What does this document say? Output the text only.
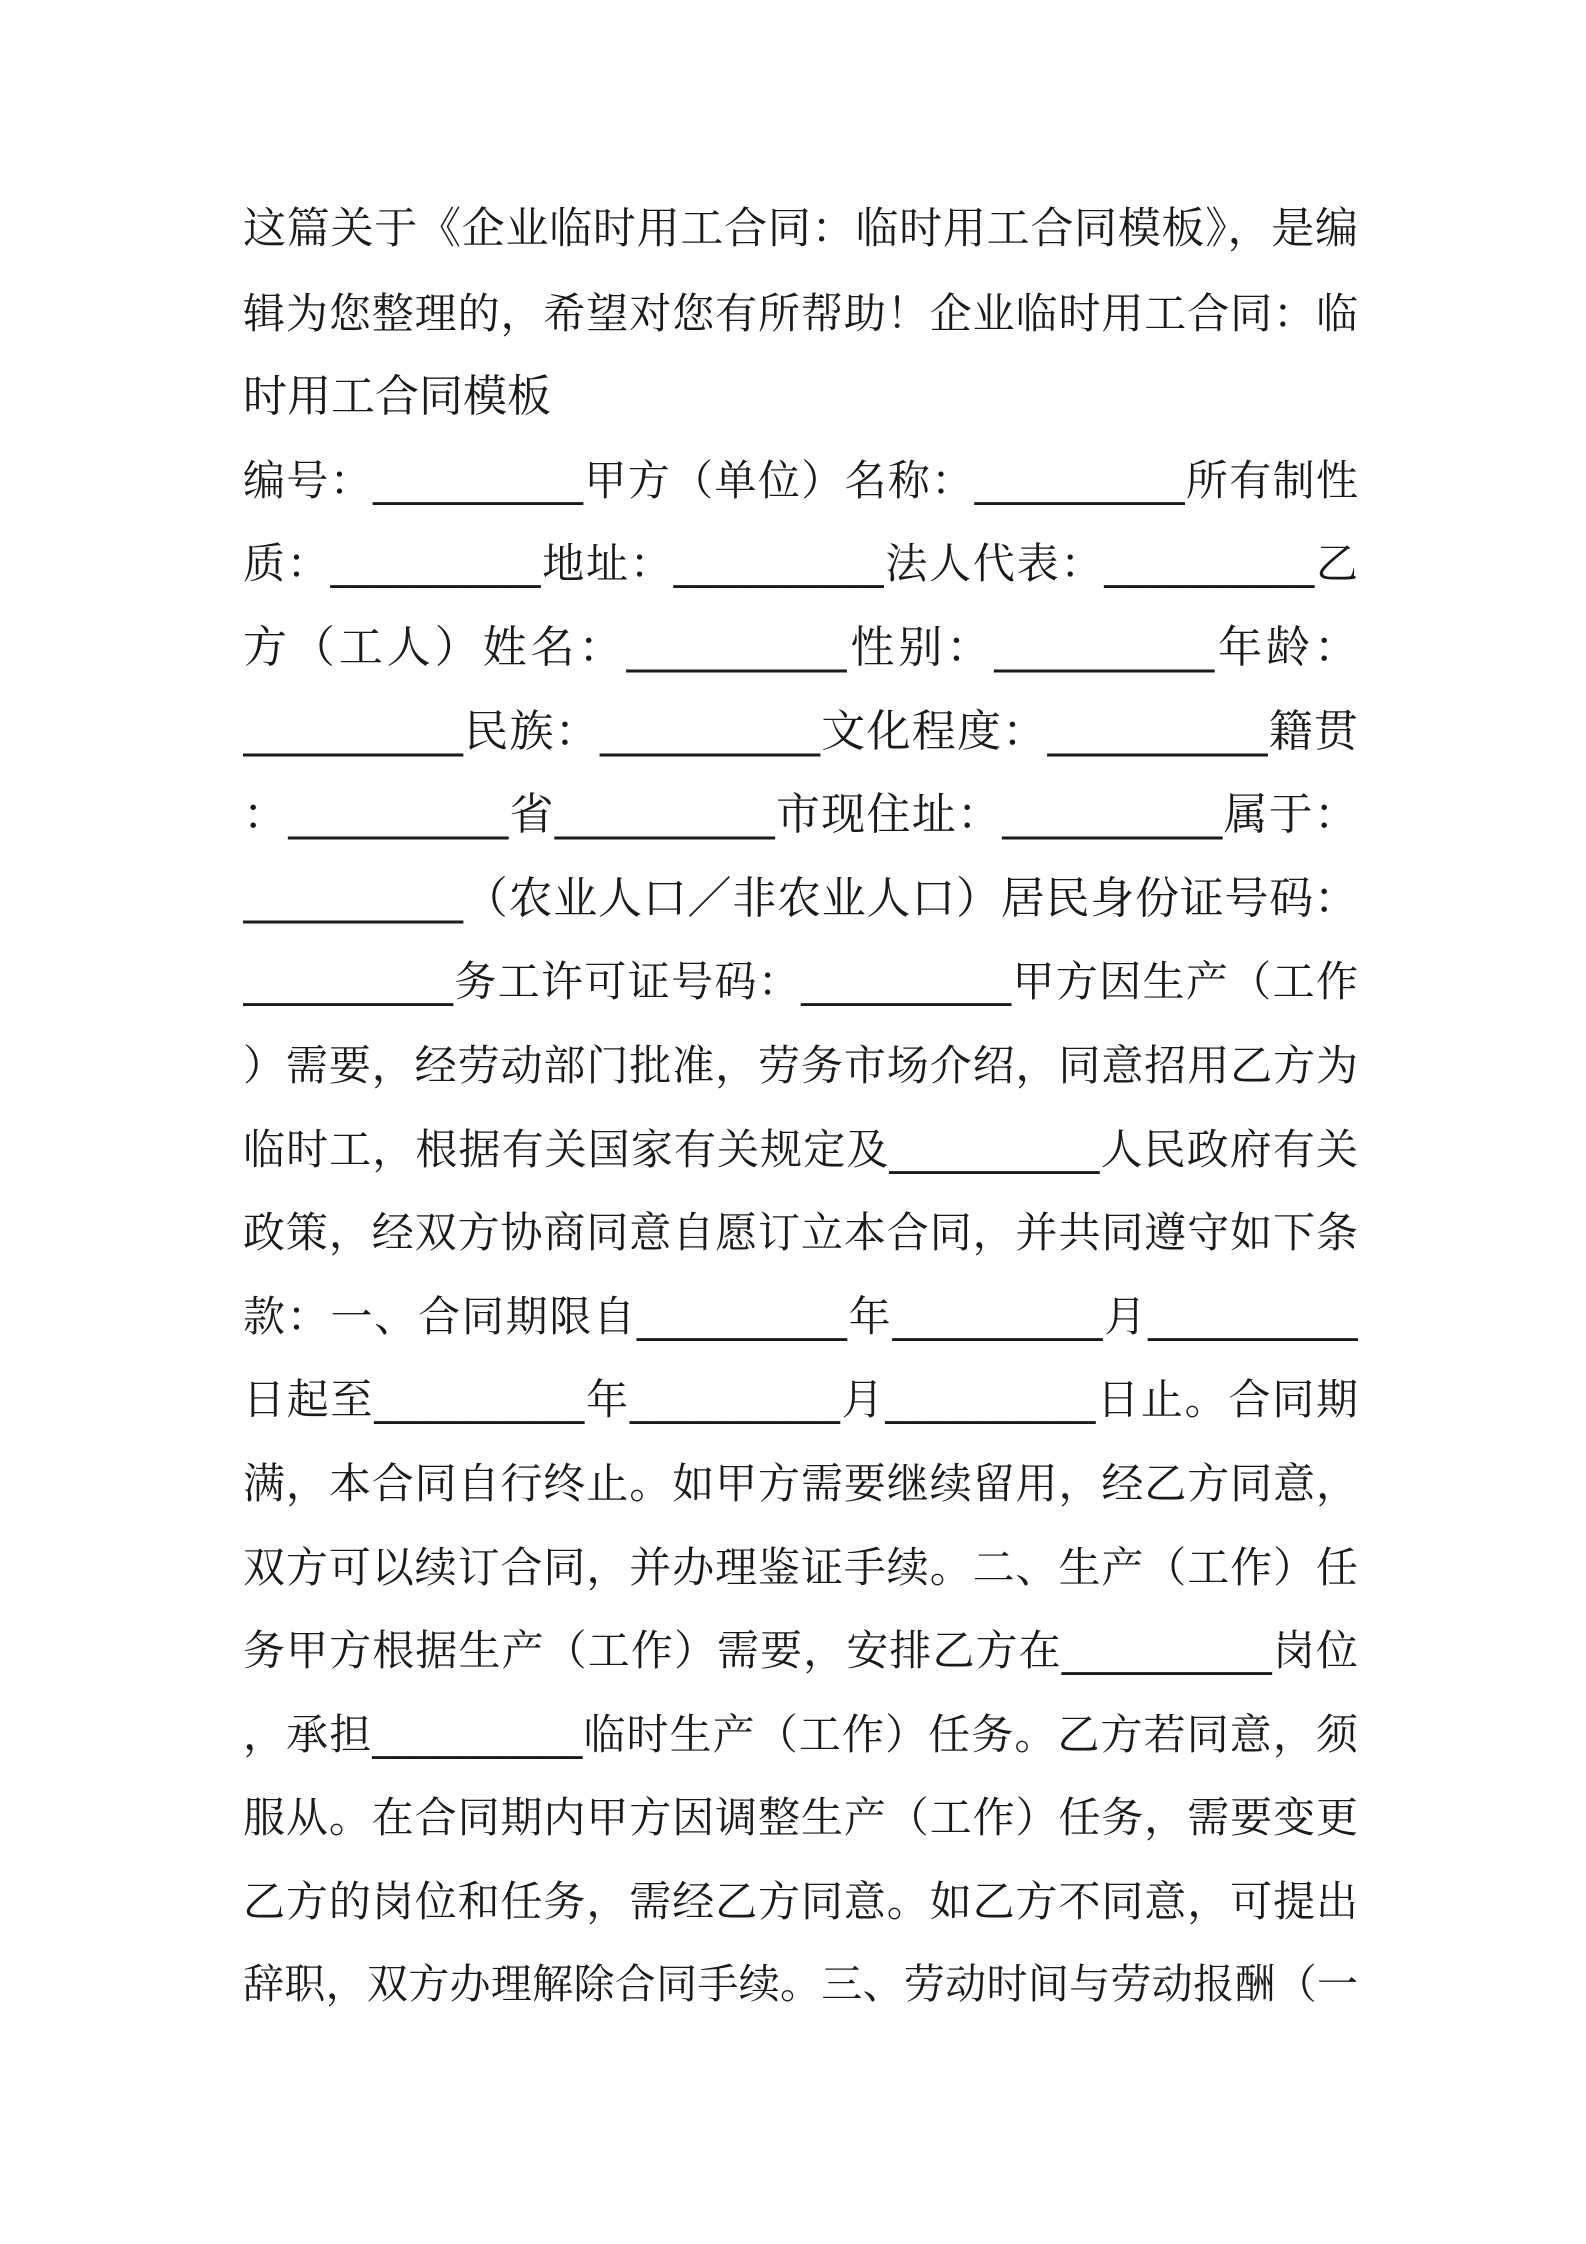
这篇关于《企业临时用工合同：临时用工合同模板》，是编
辑为您整理的，希望对您有所帮助！企业临时用工合同：临
时用工合同模板
编号：__________甲方（单位）名称：__________所有制性
质：__________地址：__________法人代表：__________乙
方（工人）姓名：__________性别：__________年龄：
__________民族：__________文化程度：__________籍贯
：__________省__________市现住址：__________属于：
__________（农业人口／非农业人口）居民身份证号码：
__________务工许可证号码：__________甲方因生产（工作
）需要，经劳动部门批准，劳务市场介绍，同意招用乙方为
临时工，根据有关国家有关规定及__________人民政府有关
政策，经双方协商同意自愿订立本合同，并共同遵守如下条
款：一、合同期限自__________年__________月__________
日起至__________年__________月__________日止。合同期
满，本合同自行终止。如甲方需要继续留用，经乙方同意，
双方可以续订合同，并办理鉴证手续。二、生产（工作）任
务甲方根据生产（工作）需要，安排乙方在__________岗位
，承担__________临时生产（工作）任务。乙方若同意，须
服从。在合同期内甲方因调整生产（工作）任务，需要变更
乙方的岗位和任务，需经乙方同意。如乙方不同意，可提出
辞职，双方办理解除合同手续。三、劳动时间与劳动报酬（一
